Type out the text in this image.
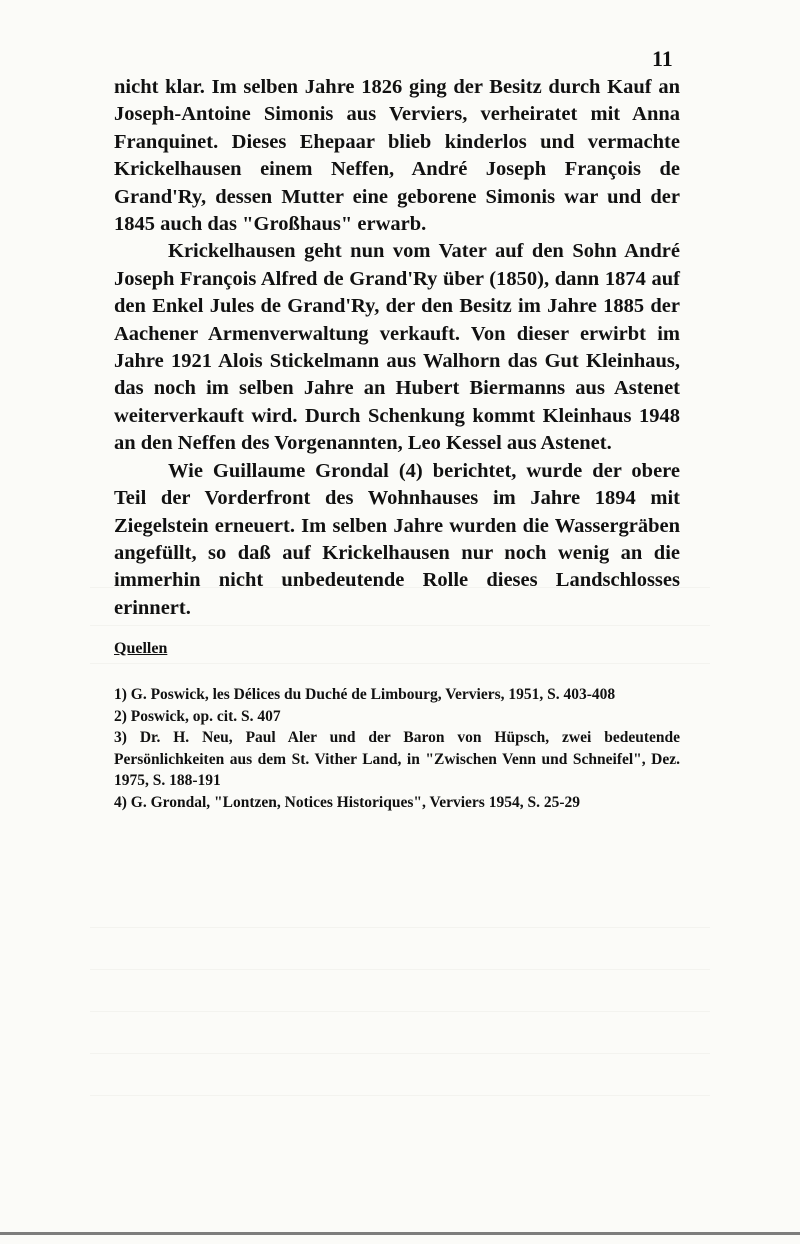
11

nicht klar. Im selben Jahre 1826 ging der Besitz durch Kauf an Joseph-Antoine Simonis aus Verviers, verheiratet mit Anna Franquinet. Dieses Ehepaar blieb kinderlos und vermachte Krickelhausen einem Neffen, André Joseph François de Grand'Ry, dessen Mutter eine geborene Simonis war und der 1845 auch das "Großhaus" erwarb.

Krickelhausen geht nun vom Vater auf den Sohn André Joseph François Alfred de Grand'Ry über (1850), dann 1874 auf den Enkel Jules de Grand'Ry, der den Besitz im Jahre 1885 der Aachener Armenverwaltung verkauft. Von dieser erwirbt im Jahre 1921 Alois Stickelmann aus Walhorn das Gut Kleinhaus, das noch im selben Jahre an Hubert Biermanns aus Astenet weiterverkauft wird. Durch Schenkung kommt Kleinhaus 1948 an den Neffen des Vorgenannten, Leo Kessel aus Astenet.

Wie Guillaume Grondal (4) berichtet, wurde der obere Teil der Vorderfront des Wohnhauses im Jahre 1894 mit Ziegelstein erneuert. Im selben Jahre wurden die Wassergräben angefüllt, so daß auf Krickelhausen nur noch wenig an die immerhin nicht unbedeutende Rolle dieses Landschlosses erinnert.

Quellen
1) G. Poswick, les Délices du Duché de Limbourg, Verviers, 1951, S. 403-408
2) Poswick, op. cit. S. 407
3) Dr. H. Neu, Paul Aler und der Baron von Hüpsch, zwei bedeutende Persönlichkeiten aus dem St. Vither Land, in "Zwischen Venn und Schneifel", Dez. 1975, S. 188-191
4) G. Grondal, "Lontzen, Notices Historiques", Verviers 1954, S. 25-29
